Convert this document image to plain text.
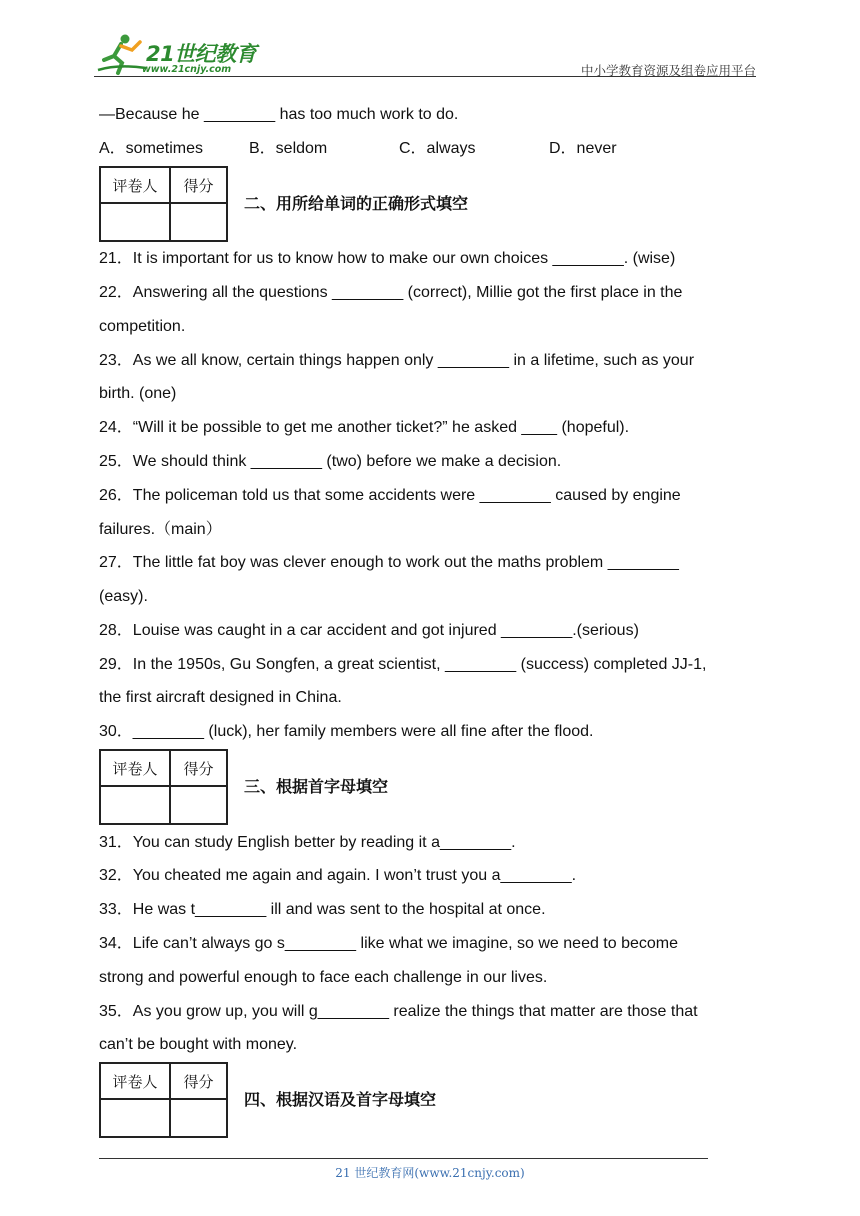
21世纪教育
www.21cnjy.com	中小学教育资源及组卷应用平台
—Because he ________ has too much work to do.
A．sometimes	B．seldom	C．always	D．never
评卷人	得分

二、用所给单词的正确形式填空
21．It is important for us to know how to make our own choices ________. (wise)
22．Answering all the questions ________ (correct), Millie got the first place in the
competition.
23．As we all know, certain things happen only ________ in a lifetime, such as your
birth. (one)
24．“Will it be possible to get me another ticket?” he asked ____ (hopeful).
25．We should think ________ (two) before we make a decision.
26．The policeman told us that some accidents were ________ caused by engine
failures.（main）
27．The little fat boy was clever enough to work out the maths problem ________
(easy).
28．Louise was caught in a car accident and got injured ________.(serious)
29．In the 1950s, Gu Songfen, a great scientist, ________ (success) completed JJ-1,
the first aircraft designed in China.
30．________ (luck), her family members were all fine after the flood.
评卷人	得分

三、根据首字母填空
31．You can study English better by reading it a________.
32．You cheated me again and again. I won’t trust you a________.
33．He was t________ ill and was sent to the hospital at once.
34．Life can’t always go s________ like what we imagine, so we need to become
strong and powerful enough to face each challenge in our lives.
35．As you grow up, you will g________ realize the things that matter are those that
can’t be bought with money.
评卷人	得分

四、根据汉语及首字母填空
21 世纪教育网(www.21cnjy.com)
